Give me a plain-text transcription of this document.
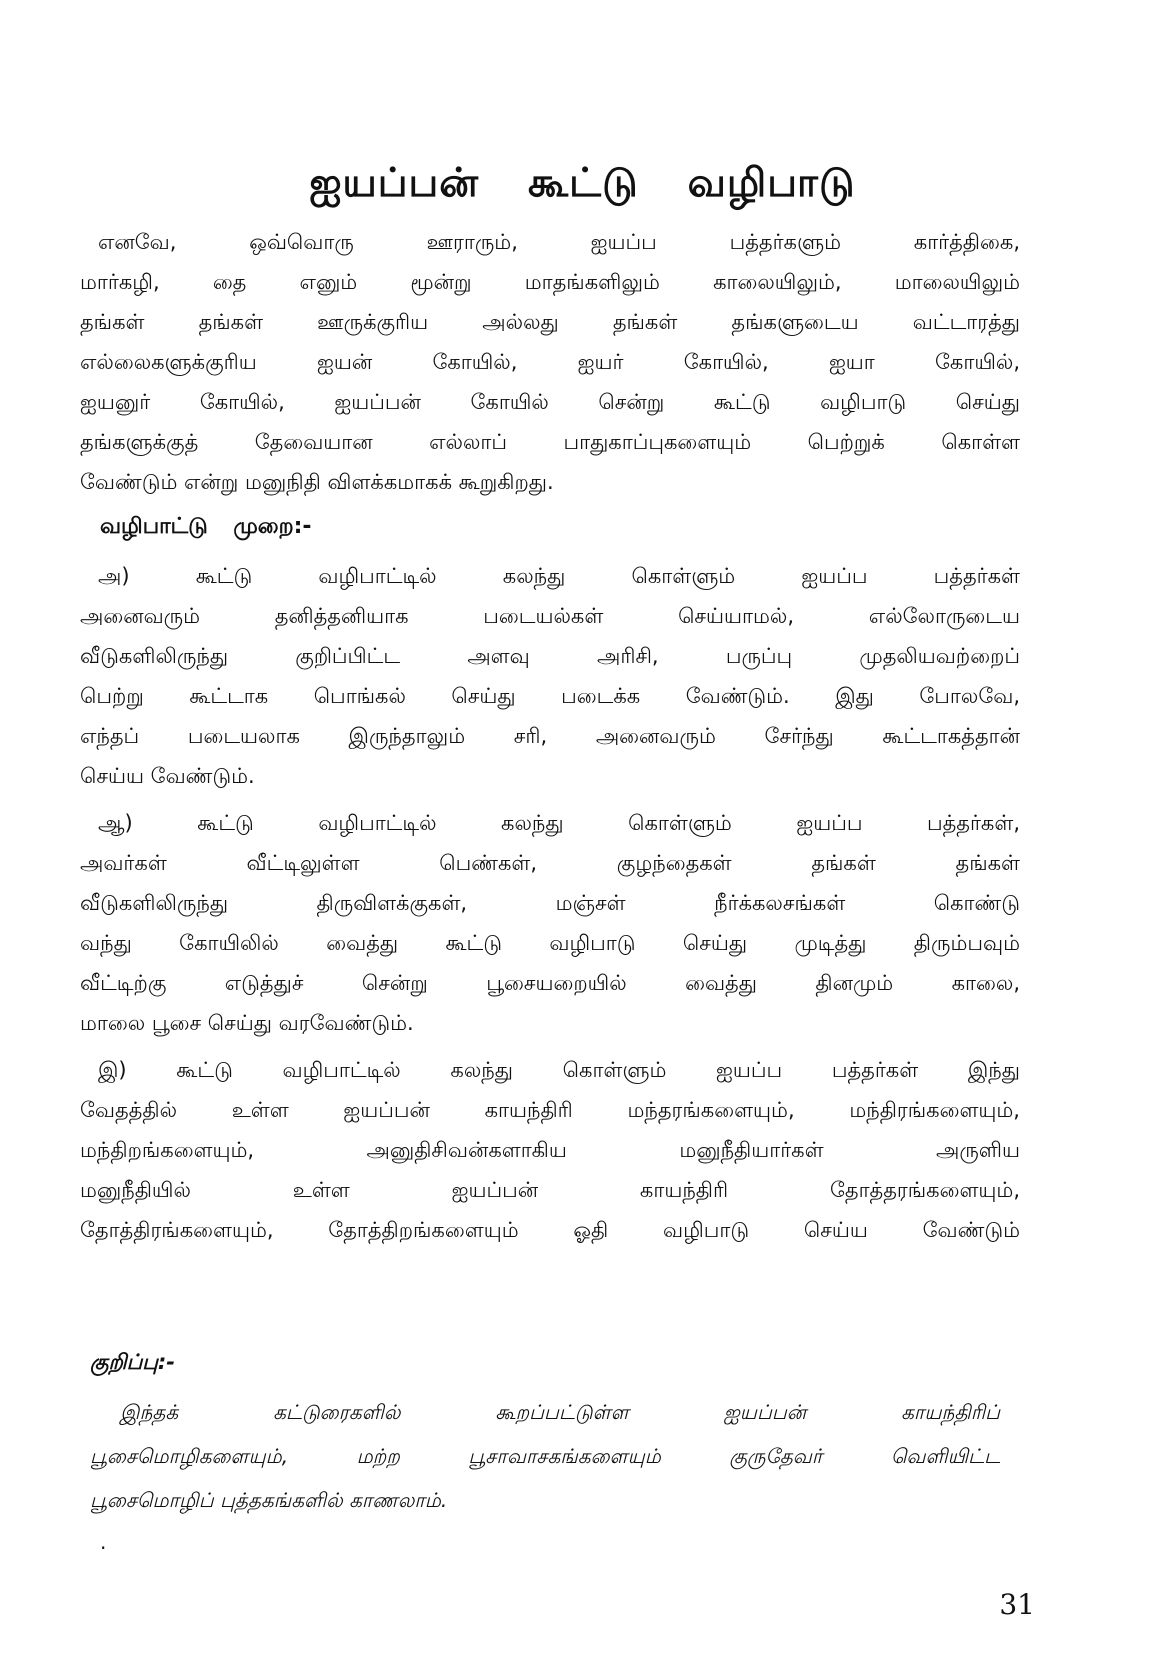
ஐயப்பன் கூட்டு வழிபாடு
எனவே, ஒவ்வொரு ஊராரும், ஐயப்ப பத்தர்களும் கார்த்திகை,
மார்கழி, தை எனும் மூன்று மாதங்களிலும் காலையிலும், மாலையிலும்
தங்கள் தங்கள் ஊருக்குரிய அல்லது தங்கள் தங்களுடைய வட்டாரத்து
எல்லைகளுக்குரிய ஐயன் கோயில், ஐயர் கோயில், ஐயா கோயில்,
ஐயனுர் கோயில், ஐயப்பன் கோயில் சென்று கூட்டு வழிபாடு செய்து
தங்களுக்குத் தேவையான எல்லாப் பாதுகாப்புகளையும் பெற்றுக் கொள்ள
வேண்டும் என்று மனுநிதி விளக்கமாகக் கூறுகிறது.
வழிபாட்டு முறை:-
அ) கூட்டு வழிபாட்டில் கலந்து கொள்ளும் ஐயப்ப பத்தர்கள்
அனைவரும் தனித்தனியாக படையல்கள் செய்யாமல், எல்லோருடைய
வீடுகளிலிருந்து குறிப்பிட்ட அளவு அரிசி, பருப்பு முதலியவற்றைப்
பெற்று கூட்டாக பொங்கல் செய்து படைக்க வேண்டும். இது போலவே,
எந்தப் படையலாக இருந்தாலும் சரி, அனைவரும் சேர்ந்து கூட்டாகத்தான்
செய்ய வேண்டும்.
ஆ) கூட்டு வழிபாட்டில் கலந்து கொள்ளும் ஐயப்ப பத்தர்கள்,
அவர்கள் வீட்டிலுள்ள பெண்கள், குழந்தைகள் தங்கள் தங்கள்
வீடுகளிலிருந்து திருவிளக்குகள், மஞ்சள் நீர்க்கலசங்கள் கொண்டு
வந்து கோயிலில் வைத்து கூட்டு வழிபாடு செய்து முடித்து திரும்பவும்
வீட்டிற்கு எடுத்துச் சென்று பூசையறையில் வைத்து தினமும் காலை,
மாலை பூசை செய்து வரவேண்டும்.
இ) கூட்டு வழிபாட்டில் கலந்து கொள்ளும் ஐயப்ப பத்தர்கள் இந்து
வேதத்தில் உள்ள ஐயப்பன் காயந்திரி மந்தரங்களையும், மந்திரங்களையும்,
மந்திறங்களையும், அனுதிசிவன்களாகிய மனுநீதியார்கள் அருளிய
மனுநீதியில் உள்ள ஐயப்பன் காயந்திரி தோத்தரங்களையும்,
தோத்திரங்களையும், தோத்திறங்களையும் ஓதி வழிபாடு செய்ய வேண்டும்
குறிப்பு:-
இந்தக் கட்டுரைகளில் கூறப்பட்டுள்ள ஐயப்பன் காயந்திரிப்
பூசைமொழிகளையும், மற்ற பூசாவாசகங்களையும் குருதேவர் வெளியிட்ட
பூசைமொழிப் புத்தகங்களில் காணலாம்.
.
31
